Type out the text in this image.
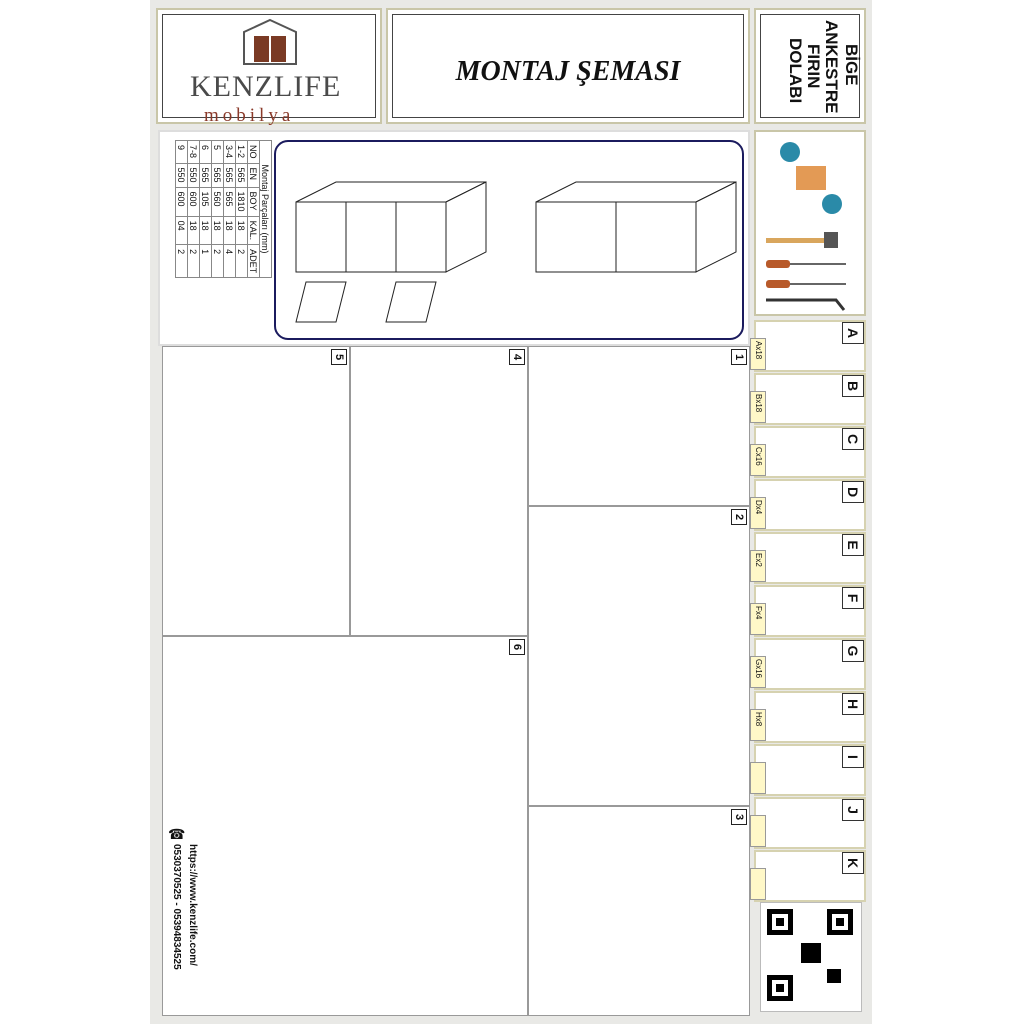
KENZLIFE
mobilya
MONTAJ ŞEMASI	BİGE
ANKESTRE
FIRIN
DOLABI
Montaj Parçaları (mm)				
NO	EN	BOY	KAL.	ADET
1-2	565	1810	18	2
3-4	565	565	18	4
5	565	560	18	2
6	565	105	18	1
7-8	550	600	18	2
9	550	600	04	2
5	4	1
2
6
3
A
Ax18
B
Bx18
C
Cx16
D
Dx4
E
Ex2
F
Fx4
G
Gx16
H
Hx8
I
J
K
☎
0530370525 - 05394834525 https://www.kenzlife.com/
